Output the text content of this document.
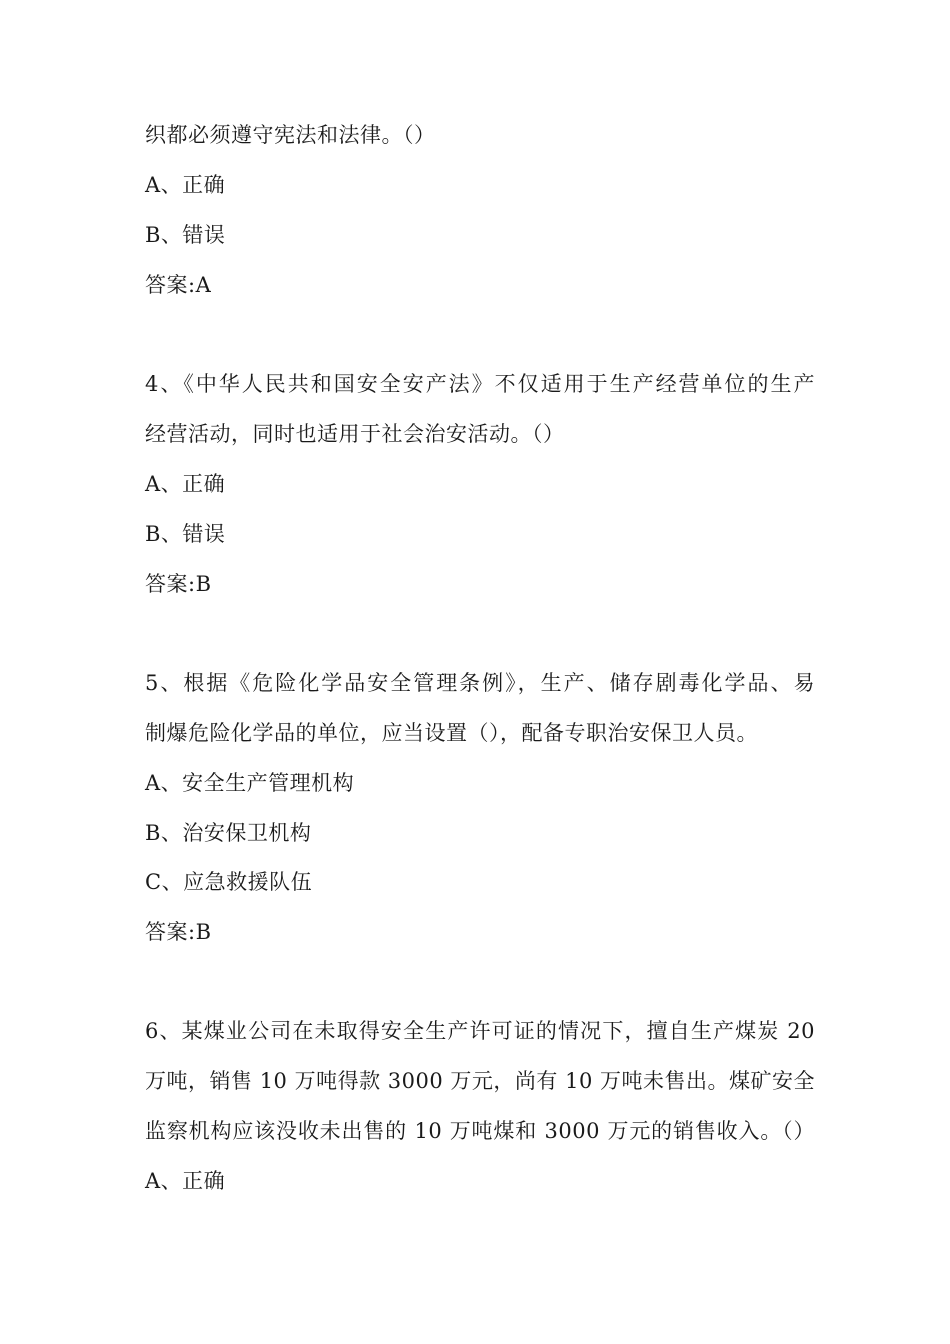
织都必须遵守宪法和法律。（）
A、正确
B、错误
答案:A
4、《中华人民共和国安全安产法》不仅适用于生产经营单位的生产
经营活动，同时也适用于社会治安活动。（）
A、正确
B、错误
答案:B
5、根据《危险化学品安全管理条例》，生产、储存剧毒化学品、易
制爆危险化学品的单位，应当设置（），配备专职治安保卫人员。
A、安全生产管理机构
B、治安保卫机构
C、应急救援队伍
答案:B
6、某煤业公司在未取得安全生产许可证的情况下，擅自生产煤炭 20
万吨，销售 10 万吨得款 3000 万元，尚有 10 万吨未售出。煤矿安全
监察机构应该没收未出售的 10 万吨煤和 3000 万元的销售收入。（）
A、正确
